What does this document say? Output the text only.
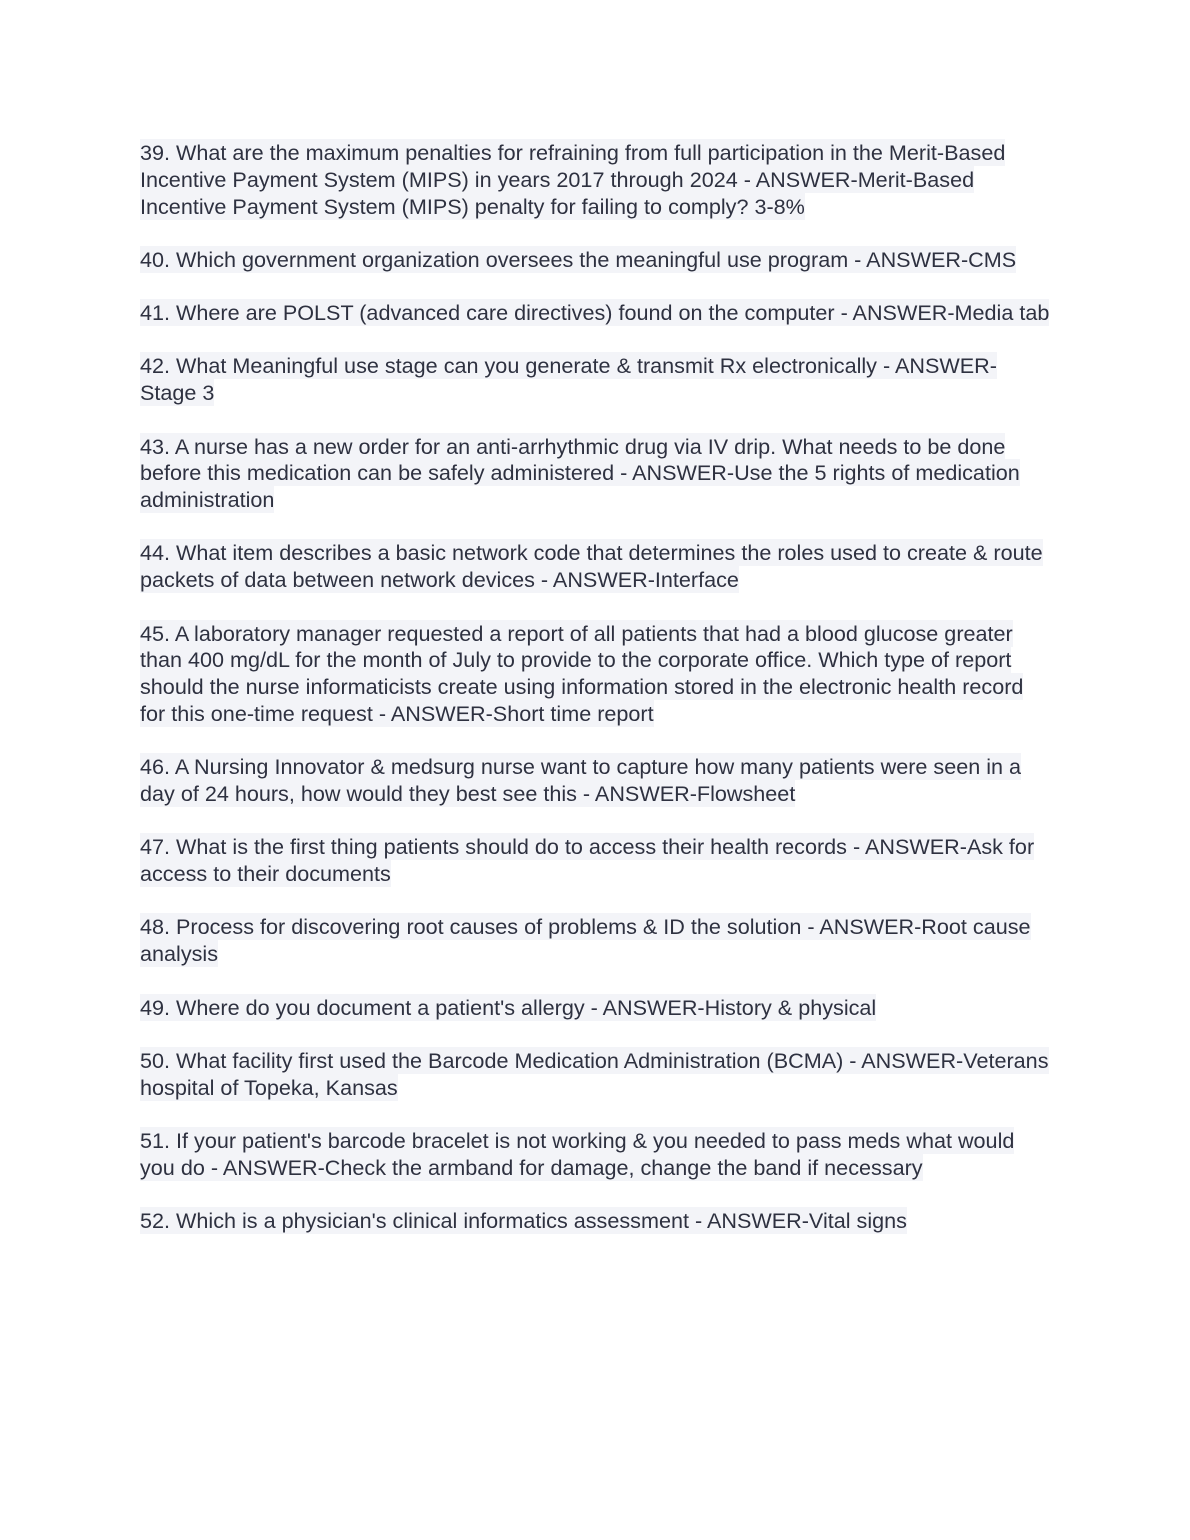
39. What are the maximum penalties for refraining from full participation in the Merit-Based Incentive Payment System (MIPS) in years 2017 through 2024 - ANSWER-Merit-Based Incentive Payment System (MIPS) penalty for failing to comply? 3-8%

40. Which government organization oversees the meaningful use program - ANSWER-CMS

41. Where are POLST (advanced care directives) found on the computer - ANSWER-Media tab

42. What Meaningful use stage can you generate & transmit Rx electronically - ANSWER-Stage 3

43. A nurse has a new order for an anti-arrhythmic drug via IV drip. What needs to be done before this medication can be safely administered - ANSWER-Use the 5 rights of medication administration

44. What item describes a basic network code that determines the roles used to create & route packets of data between network devices - ANSWER-Interface

45. A laboratory manager requested a report of all patients that had a blood glucose greater than 400 mg/dL for the month of July to provide to the corporate office. Which type of report should the nurse informaticists create using information stored in the electronic health record for this one-time request - ANSWER-Short time report

46. A Nursing Innovator & medsurg nurse want to capture how many patients were seen in a day of 24 hours, how would they best see this - ANSWER-Flowsheet

47. What is the first thing patients should do to access their health records - ANSWER-Ask for access to their documents

48. Process for discovering root causes of problems & ID the solution - ANSWER-Root cause analysis

49. Where do you document a patient's allergy - ANSWER-History & physical

50. What facility first used the Barcode Medication Administration (BCMA) - ANSWER-Veterans hospital of Topeka, Kansas

51. If your patient's barcode bracelet is not working & you needed to pass meds what would you do - ANSWER-Check the armband for damage, change the band if necessary

52. Which is a physician's clinical informatics assessment - ANSWER-Vital signs
